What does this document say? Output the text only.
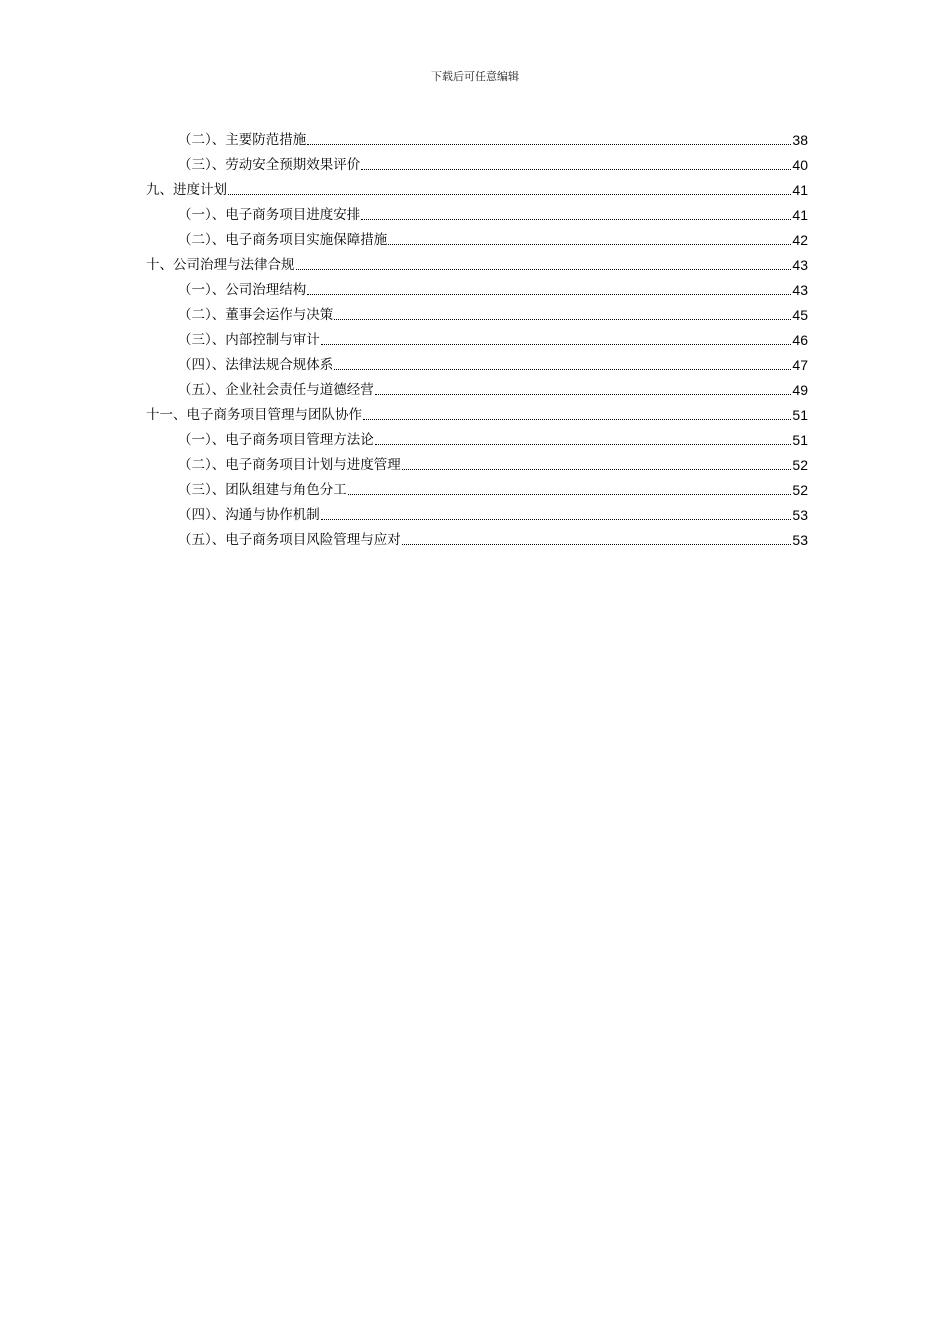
下载后可任意编辑
（二）、主要防范措施	38
（三）、劳动安全预期效果评价	40
九、进度计划	41
（一）、电子商务项目进度安排	41
（二）、电子商务项目实施保障措施	42
十、公司治理与法律合规	43
（一）、公司治理结构	43
（二）、董事会运作与决策	45
（三）、内部控制与审计	46
（四）、法律法规合规体系	47
（五）、企业社会责任与道德经营	49
十一、电子商务项目管理与团队协作	51
（一）、电子商务项目管理方法论	51
（二）、电子商务项目计划与进度管理	52
（三）、团队组建与角色分工	52
（四）、沟通与协作机制	53
（五）、电子商务项目风险管理与应对	53
